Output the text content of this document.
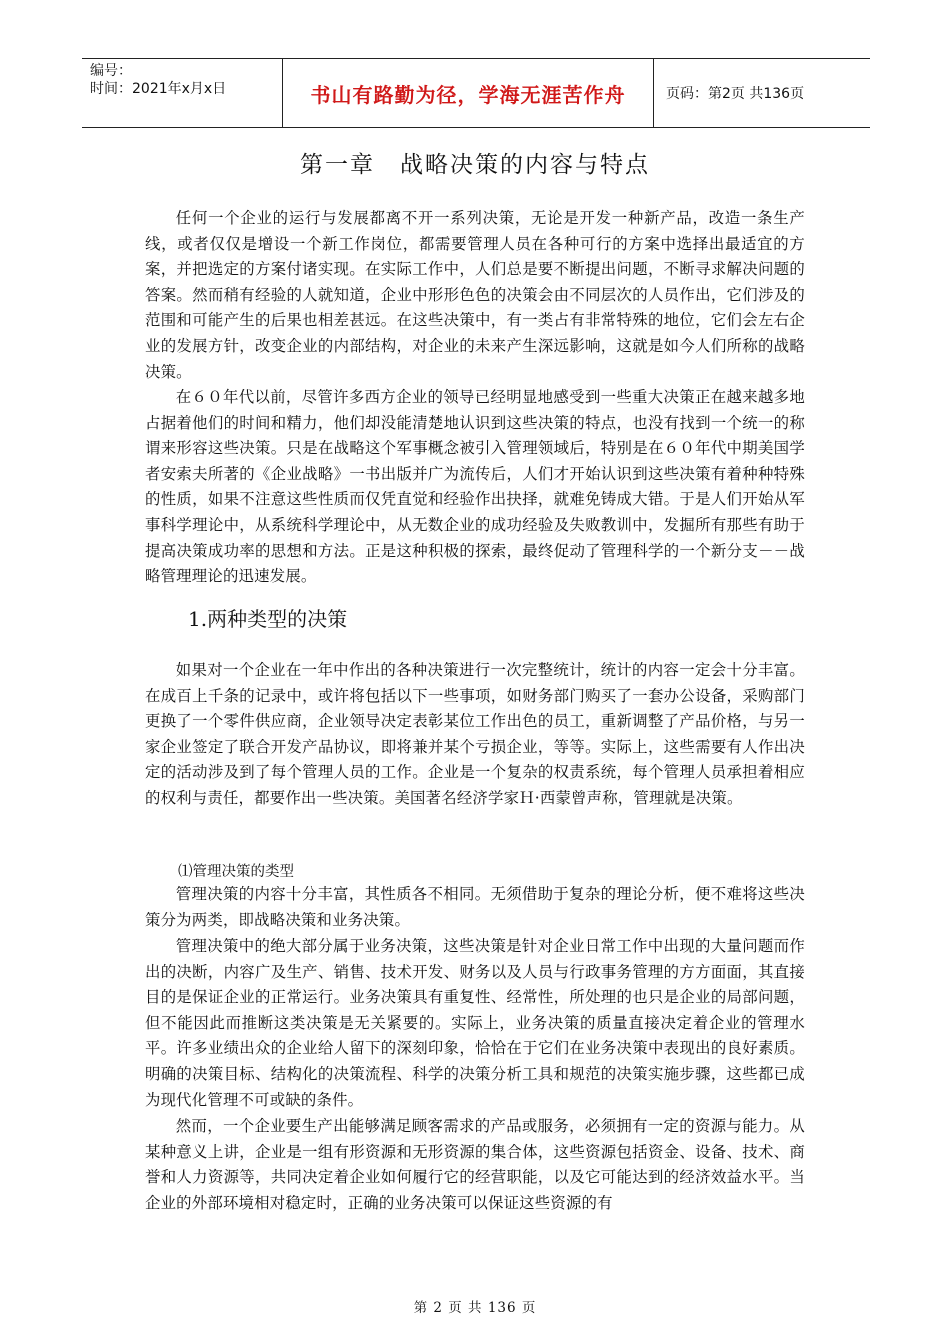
编号：
时间：2021年x月x日	书山有路勤为径，学海无涯苦作舟	页码：第2页 共136页
第一章　战略决策的内容与特点

任何一个企业的运行与发展都离不开一系列决策，无论是开发一种新产品，改造一条生产线，或者仅仅是增设一个新工作岗位，都需要管理人员在各种可行的方案中选择出最适宜的方案，并把选定的方案付诸实现。在实际工作中，人们总是要不断提出问题，不断寻求解决问题的答案。然而稍有经验的人就知道，企业中形形色色的决策会由不同层次的人员作出，它们涉及的范围和可能产生的后果也相差甚远。在这些决策中，有一类占有非常特殊的地位，它们会左右企业的发展方针，改变企业的内部结构，对企业的未来产生深远影响，这就是如今人们所称的战略决策。

在６０年代以前，尽管许多西方企业的领导已经明显地感受到一些重大决策正在越来越多地占据着他们的时间和精力，他们却没能清楚地认识到这些决策的特点，也没有找到一个统一的称谓来形容这些决策。只是在战略这个军事概念被引入管理领域后，特别是在６０年代中期美国学者安索夫所著的《企业战略》一书出版并广为流传后，人们才开始认识到这些决策有着种种特殊的性质，如果不注意这些性质而仅凭直觉和经验作出抉择，就难免铸成大错。于是人们开始从军事科学理论中，从系统科学理论中，从无数企业的成功经验及失败教训中，发掘所有那些有助于提高决策成功率的思想和方法。正是这种积极的探索，最终促动了管理科学的一个新分支－－战略管理理论的迅速发展。

1.两种类型的决策

如果对一个企业在一年中作出的各种决策进行一次完整统计，统计的内容一定会十分丰富。在成百上千条的记录中，或许将包括以下一些事项，如财务部门购买了一套办公设备，采购部门更换了一个零件供应商，企业领导决定表彰某位工作出色的员工，重新调整了产品价格，与另一家企业签定了联合开发产品协议，即将兼并某个亏损企业，等等。实际上，这些需要有人作出决定的活动涉及到了每个管理人员的工作。企业是一个复杂的权责系统，每个管理人员承担着相应的权利与责任，都要作出一些决策。美国著名经济学家Ｈ·西蒙曾声称，管理就是决策。

⑴管理决策的类型

管理决策的内容十分丰富，其性质各不相同。无须借助于复杂的理论分析，便不难将这些决策分为两类，即战略决策和业务决策。

管理决策中的绝大部分属于业务决策，这些决策是针对企业日常工作中出现的大量问题而作出的决断，内容广及生产、销售、技术开发、财务以及人员与行政事务管理的方方面面，其直接目的是保证企业的正常运行。业务决策具有重复性、经常性，所处理的也只是企业的局部问题，但不能因此而推断这类决策是无关紧要的。实际上，业务决策的质量直接决定着企业的管理水平。许多业绩出众的企业给人留下的深刻印象，恰恰在于它们在业务决策中表现出的良好素质。明确的决策目标、结构化的决策流程、科学的决策分析工具和规范的决策实施步骤，这些都已成为现代化管理不可或缺的条件。

然而，一个企业要生产出能够满足顾客需求的产品或服务，必须拥有一定的资源与能力。从某种意义上讲，企业是一组有形资源和无形资源的集合体，这些资源包括资金、设备、技术、商誉和人力资源等，共同决定着企业如何履行它的经营职能，以及它可能达到的经济效益水平。当企业的外部环境相对稳定时，正确的业务决策可以保证这些资源的有

第 2 页 共 136 页
